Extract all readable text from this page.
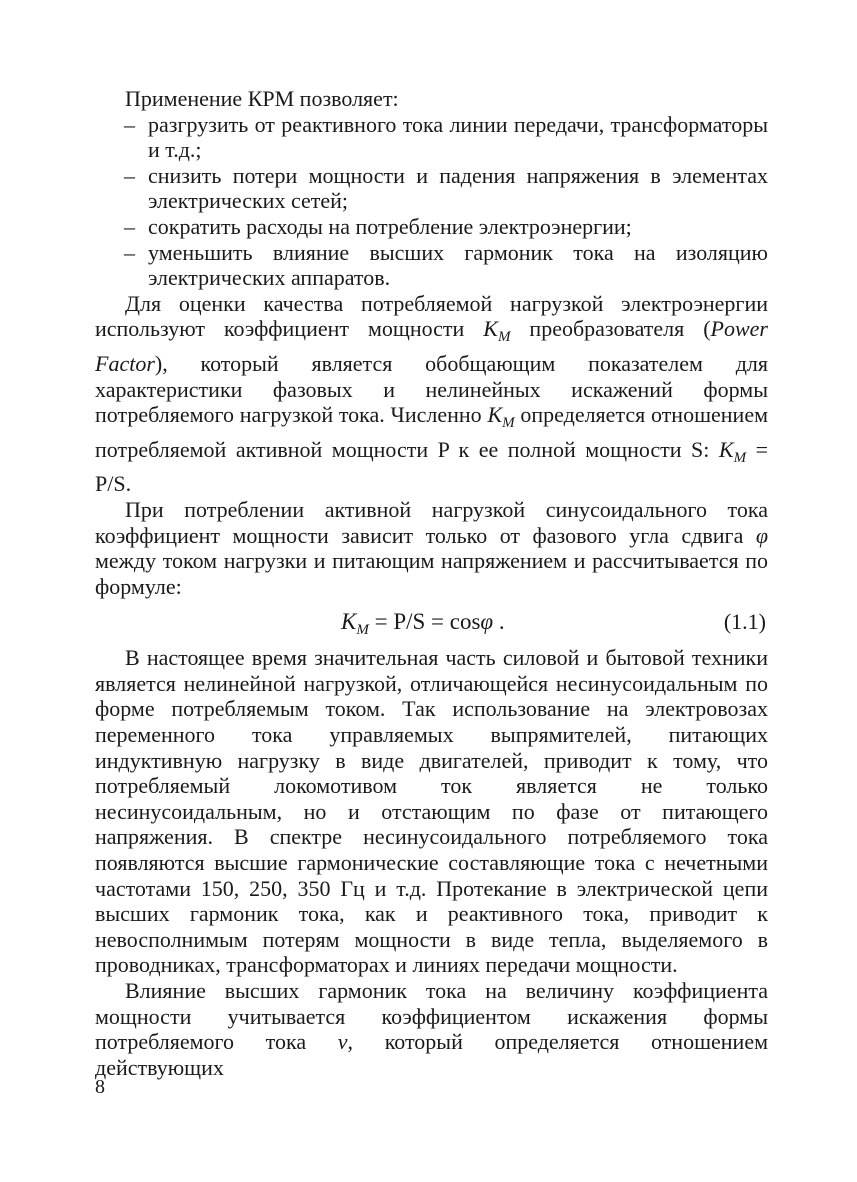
Применение КРМ позволяет:

– разгрузить от реактивного тока линии передачи, трансформаторы и т.д.;
– снизить потери мощности и падения напряжения в элементах электрических сетей;
– сократить расходы на потребление электроэнергии;
– уменьшить влияние высших гармоник тока на изоляцию электрических аппаратов.

Для оценки качества потребляемой нагрузкой электроэнергии используют коэффициент мощности $K_M$ преобразователя (Power Factor), который является обобщающим показателем для характеристики фазовых и нелинейных искажений формы потребляемого нагрузкой тока. Численно $K_M$ определяется отношением потребляемой активной мощности P к ее полной мощности S: $K_M = P/S$.

При потреблении активной нагрузкой синусоидального тока коэффициент мощности зависит только от фазового угла сдвига φ между током нагрузки и питающим напряжением и рассчитывается по формуле:

$K_M = P/S = \cos\varphi$ .	(1.1)

В настоящее время значительная часть силовой и бытовой техники является нелинейной нагрузкой, отличающейся несинусоидальным по форме потребляемым током. Так использование на электровозах переменного тока управляемых выпрямителей, питающих индуктивную нагрузку в виде двигателей, приводит к тому, что потребляемый локомотивом ток является не только несинусоидальным, но и отстающим по фазе от питающего напряжения. В спектре несинусоидального потребляемого тока появляются высшие гармонические составляющие тока с нечетными частотами 150, 250, 350 Гц и т.д. Протекание в электрической цепи высших гармоник тока, как и реактивного тока, приводит к невосполнимым потерям мощности в виде тепла, выделяемого в проводниках, трансформаторах и линиях передачи мощности.

Влияние высших гармоник тока на величину коэффициента мощности учитывается коэффициентом искажения формы потребляемого тока ν, который определяется отношением действующих

8
